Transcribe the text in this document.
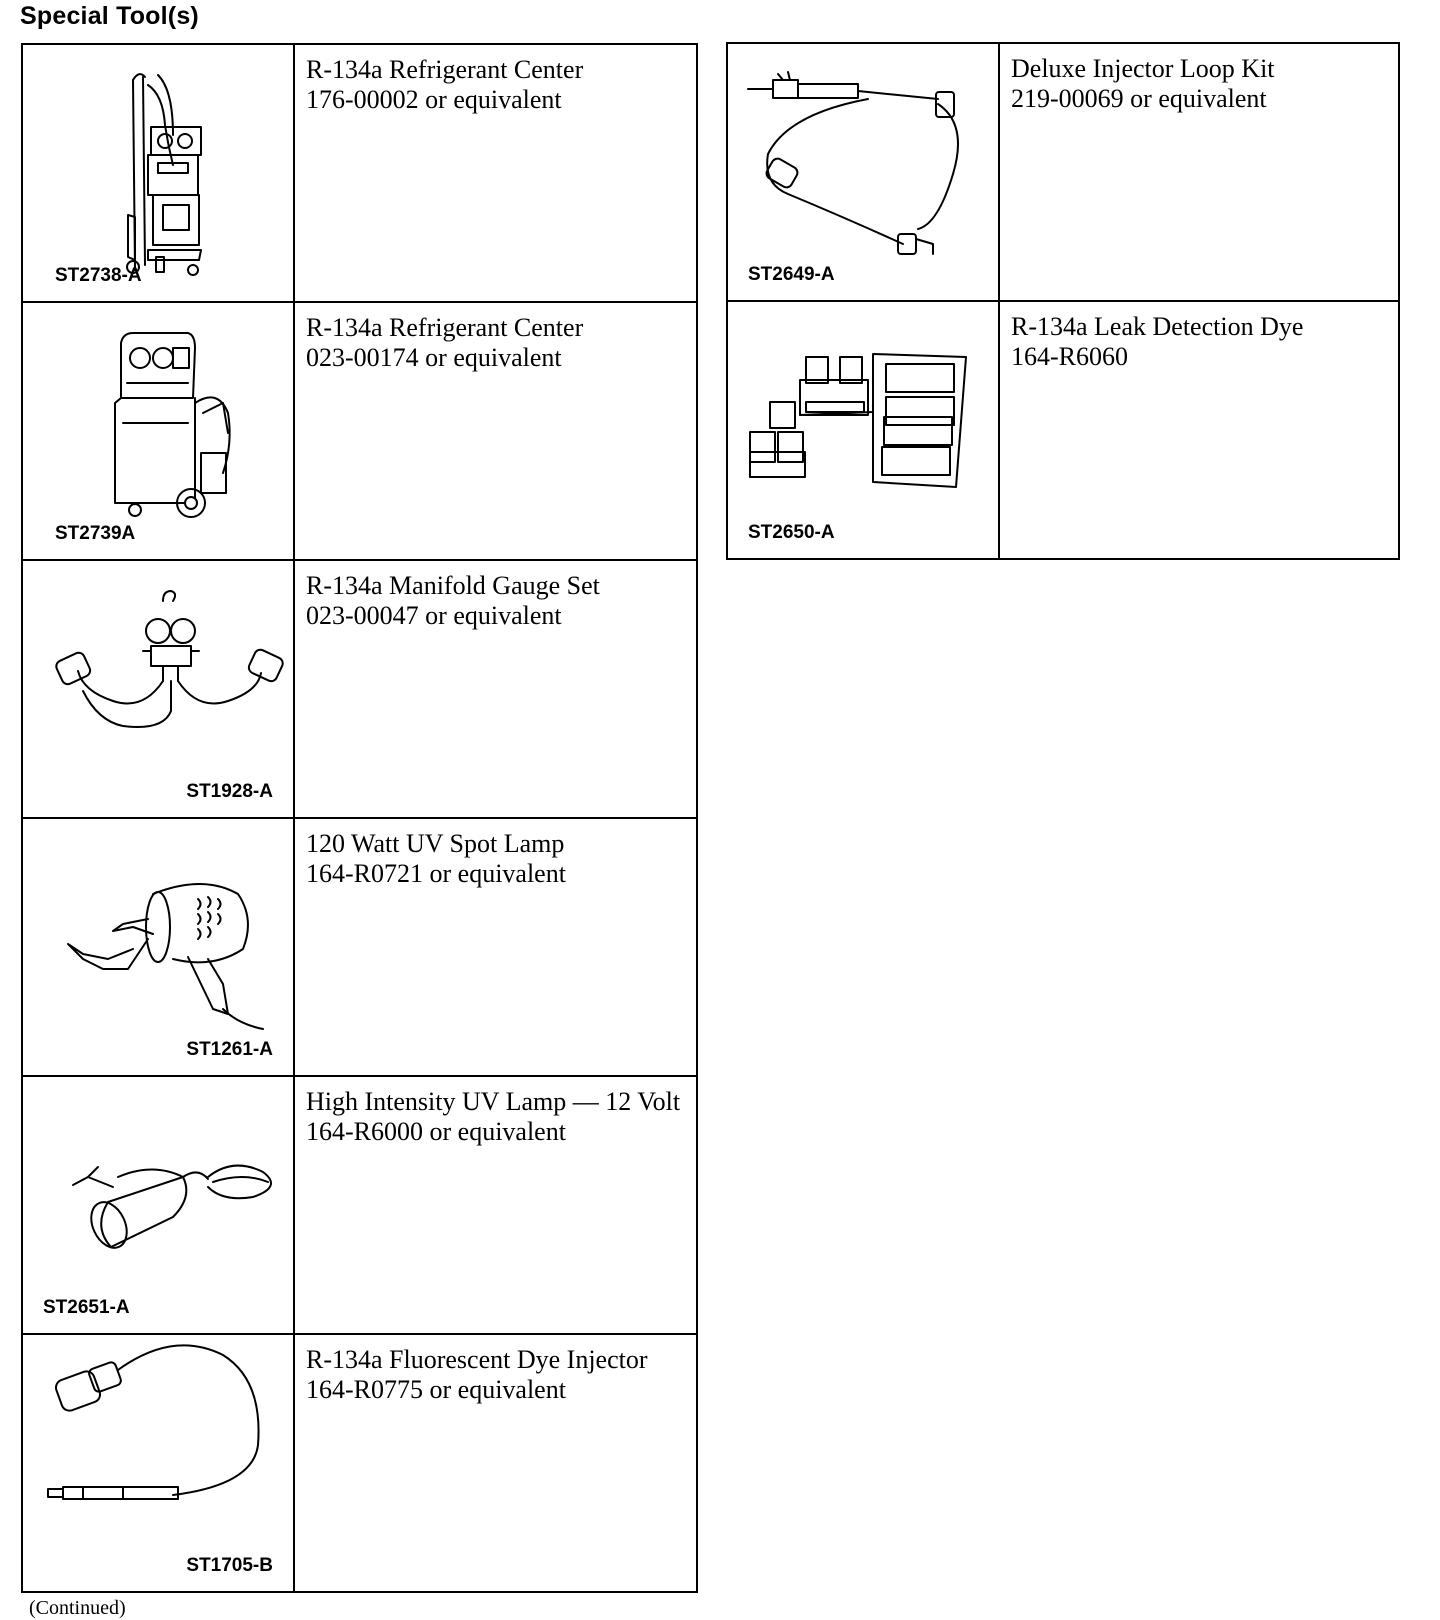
Special Tool(s)
ST2738-A	R-134a Refrigerant Center
176-00002 or equivalent

ST2739A	R-134a Refrigerant Center
023-00174 or equivalent

ST1928-A	R-134a Manifold Gauge Set
023-00047 or equivalent

ST1261-A	120 Watt UV Spot Lamp
164-R0721 or equivalent

ST2651-A	High Intensity UV Lamp — 12 Volt
164-R6000 or equivalent

ST1705-B	R-134a Fluorescent Dye Injector
164-R0775 or equivalent
ST2649-A	Deluxe Injector Loop Kit
219-00069 or equivalent

ST2650-A	R-134a Leak Detection Dye
164-R6060
(Continued)
